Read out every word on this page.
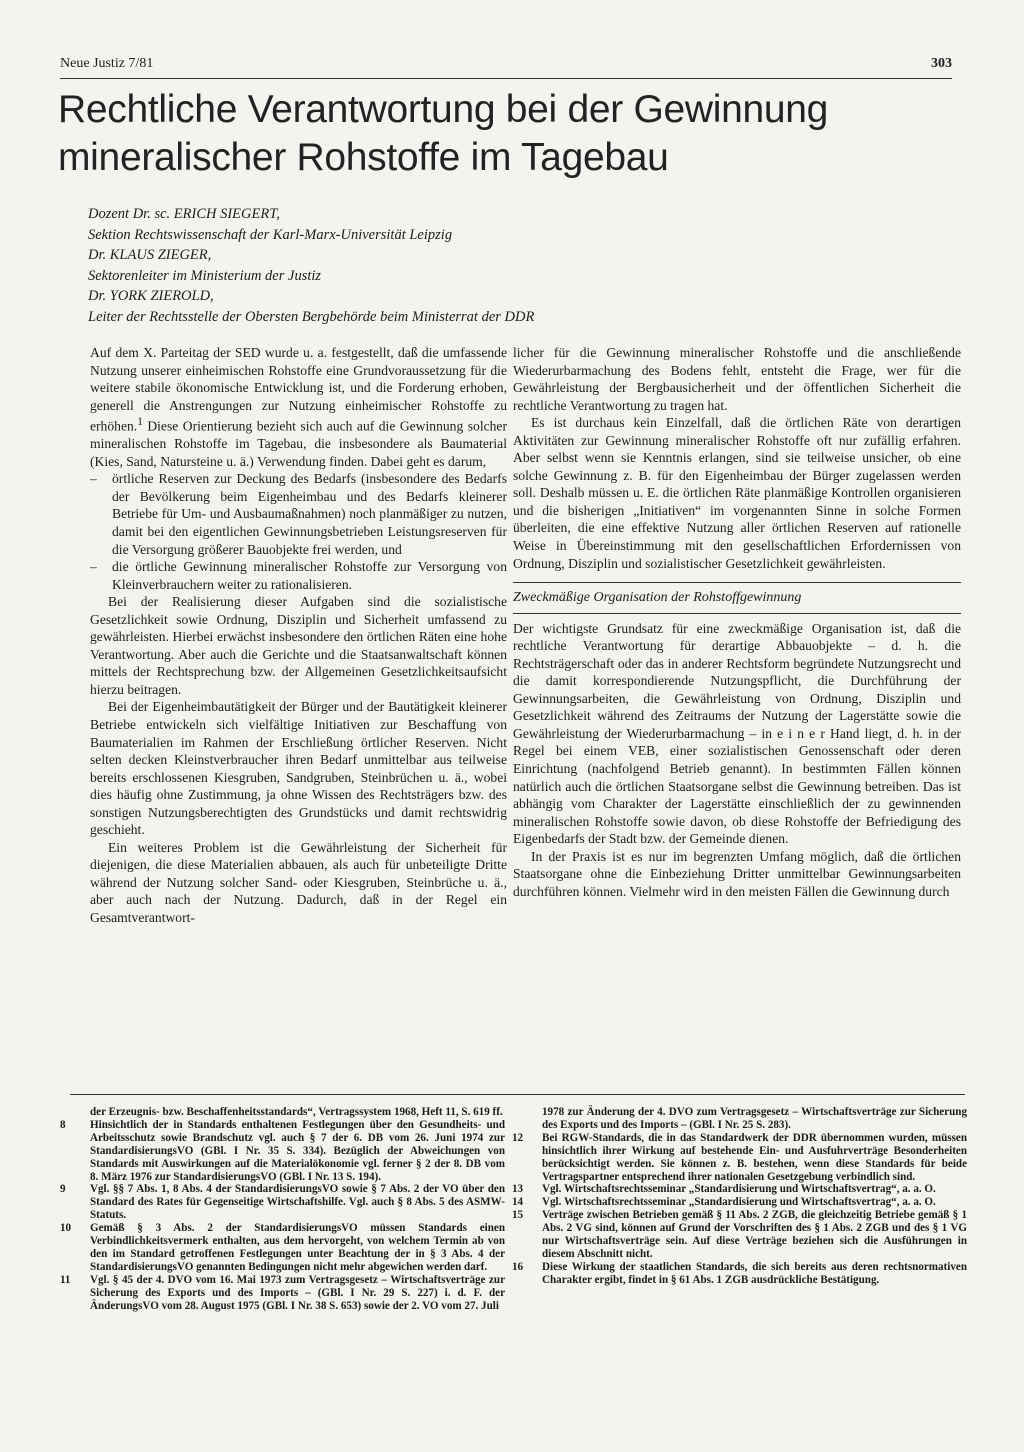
Neue Justiz 7/81	303
Rechtliche Verantwortung bei der Gewinnung
mineralischer Rohstoffe im Tagebau
Dozent Dr. sc. ERICH SIEGERT,
Sektion Rechtswissenschaft der Karl-Marx-Universität Leipzig
Dr. KLAUS ZIEGER,
Sektorenleiter im Ministerium der Justiz
Dr. YORK ZIEROLD,
Leiter der Rechtsstelle der Obersten Bergbehörde beim Ministerrat der DDR

Auf dem X. Parteitag der SED wurde u. a. festgestellt, daß die umfassende Nutzung unserer einheimischen Rohstoffe eine Grundvoraussetzung für die weitere stabile ökonomische Entwicklung ist, und die Forderung erhoben, generell die Anstrengungen zur Nutzung einheimischer Rohstoffe zu erhöhen.$^1$ Diese Orientierung bezieht sich auch auf die Gewinnung solcher mineralischen Rohstoffe im Tagebau, die insbesondere als Baumaterial (Kies, Sand, Natursteine u. ä.) Verwendung finden. Dabei geht es darum,

– örtliche Reserven zur Deckung des Bedarfs (insbesondere des Bedarfs der Bevölkerung beim Eigenheimbau und des Bedarfs kleinerer Betriebe für Um- und Ausbaumaßnahmen) noch planmäßiger zu nutzen, damit bei den eigentlichen Gewinnungsbetrieben Leistungsreserven für die Versorgung größerer Bauobjekte frei werden, und

– die örtliche Gewinnung mineralischer Rohstoffe zur Versorgung von Kleinverbrauchern weiter zu rationalisieren.

Bei der Realisierung dieser Aufgaben sind die sozialistische Gesetzlichkeit sowie Ordnung, Disziplin und Sicherheit umfassend zu gewährleisten. Hierbei erwächst insbesondere den örtlichen Räten eine hohe Verantwortung. Aber auch die Gerichte und die Staatsanwaltschaft können mittels der Rechtsprechung bzw. der Allgemeinen Gesetzlichkeitsaufsicht hierzu beitragen.

Bei der Eigenheimbautätigkeit der Bürger und der Bautätigkeit kleinerer Betriebe entwickeln sich vielfältige Initiativen zur Beschaffung von Baumaterialien im Rahmen der Erschließung örtlicher Reserven. Nicht selten decken Kleinstverbraucher ihren Bedarf unmittelbar aus teilweise bereits erschlossenen Kiesgruben, Sandgruben, Steinbrüchen u. ä., wobei dies häufig ohne Zustimmung, ja ohne Wissen des Rechtsträgers bzw. des sonstigen Nutzungsberechtigten des Grundstücks und damit rechtswidrig geschieht.

Ein weiteres Problem ist die Gewährleistung der Sicherheit für diejenigen, die diese Materialien abbauen, als auch für unbeteiligte Dritte während der Nutzung solcher Sand- oder Kiesgruben, Steinbrüche u. ä., aber auch nach der Nutzung. Dadurch, daß in der Regel ein Gesamtverantwort-

licher für die Gewinnung mineralischer Rohstoffe und die anschließende Wiederurbarmachung des Bodens fehlt, entsteht die Frage, wer für die Gewährleistung der Bergbausicherheit und der öffentlichen Sicherheit die rechtliche Verantwortung zu tragen hat.

Es ist durchaus kein Einzelfall, daß die örtlichen Räte von derartigen Aktivitäten zur Gewinnung mineralischer Rohstoffe oft nur zufällig erfahren. Aber selbst wenn sie Kenntnis erlangen, sind sie teilweise unsicher, ob eine solche Gewinnung z. B. für den Eigenheimbau der Bürger zugelassen werden soll. Deshalb müssen u. E. die örtlichen Räte planmäßige Kontrollen organisieren und die bisherigen „Initiativen“ im vorgenannten Sinne in solche Formen überleiten, die eine effektive Nutzung aller örtlichen Reserven auf rationelle Weise in Übereinstimmung mit den gesellschaftlichen Erfordernissen von Ordnung, Disziplin und sozialistischer Gesetzlichkeit gewährleisten.

Zweckmäßige Organisation der Rohstoffgewinnung

Der wichtigste Grundsatz für eine zweckmäßige Organisation ist, daß die rechtliche Verantwortung für derartige Abbauobjekte – d. h. die Rechtsträgerschaft oder das in anderer Rechtsform begründete Nutzungsrecht und die damit korrespondierende Nutzungspflicht, die Durchführung der Gewinnungsarbeiten, die Gewährleistung von Ordnung, Disziplin und Gesetzlichkeit während des Zeitraums der Nutzung der Lagerstätte sowie die Gewährleistung der Wiederurbarmachung – in e i n e r Hand liegt, d. h. in der Regel bei einem VEB, einer sozialistischen Genossenschaft oder deren Einrichtung (nachfolgend Betrieb genannt). In bestimmten Fällen können natürlich auch die örtlichen Staatsorgane selbst die Gewinnung betreiben. Das ist abhängig vom Charakter der Lagerstätte einschließlich der zu gewinnenden mineralischen Rohstoffe sowie davon, ob diese Rohstoffe der Befriedigung des Eigenbedarfs der Stadt bzw. der Gemeinde dienen.

In der Praxis ist es nur im begrenzten Umfang möglich, daß die örtlichen Staatsorgane ohne die Einbeziehung Dritter unmittelbar Gewinnungsarbeiten durchführen können. Vielmehr wird in den meisten Fällen die Gewinnung durch

der Erzeugnis- bzw. Beschaffenheitsstandards“, Vertragssystem 1968, Heft 11, S. 619 ff.

8 Hinsichtlich der in Standards enthaltenen Festlegungen über den Gesundheits- und Arbeitsschutz sowie Brandschutz vgl. auch § 7 der 6. DB vom 26. Juni 1974 zur StandardisierungsVO (GBl. I Nr. 35 S. 334). Bezüglich der Abweichungen von Standards mit Auswirkungen auf die Materialökonomie vgl. ferner § 2 der 8. DB vom 8. März 1976 zur StandardisierungsVO (GBl. I Nr. 13 S. 194).

9 Vgl. §§ 7 Abs. 1, 8 Abs. 4 der StandardisierungsVO sowie § 7 Abs. 2 der VO über den Standard des Rates für Gegenseitige Wirtschaftshilfe. Vgl. auch § 8 Abs. 5 des ASMW-Statuts.

10 Gemäß § 3 Abs. 2 der StandardisierungsVO müssen Standards einen Verbindlichkeitsvermerk enthalten, aus dem hervorgeht, von welchem Termin ab von den im Standard getroffenen Festlegungen unter Beachtung der in § 3 Abs. 4 der StandardisierungsVO genannten Bedingungen nicht mehr abgewichen werden darf.

11 Vgl. § 45 der 4. DVO vom 16. Mai 1973 zum Vertragsgesetz – Wirtschaftsverträge zur Sicherung des Exports und des Imports – (GBl. I Nr. 29 S. 227) i. d. F. der ÄnderungsVO vom 28. August 1975 (GBl. I Nr. 38 S. 653) sowie der 2. VO vom 27. Juli

1978 zur Änderung der 4. DVO zum Vertragsgesetz – Wirtschaftsverträge zur Sicherung des Exports und des Imports – (GBl. I Nr. 25 S. 283).

12 Bei RGW-Standards, die in das Standardwerk der DDR übernommen wurden, müssen hinsichtlich ihrer Wirkung auf bestehende Ein- und Ausfuhrverträge Besonderheiten berücksichtigt werden. Sie können z. B. bestehen, wenn diese Standards für beide Vertragspartner entsprechend ihrer nationalen Gesetzgebung verbindlich sind.

13 Vgl. Wirtschaftsrechtsseminar „Standardisierung und Wirtschaftsvertrag“, a. a. O.

14 Vgl. Wirtschaftsrechtsseminar „Standardisierung und Wirtschaftsvertrag“, a. a. O.

15 Verträge zwischen Betrieben gemäß § 11 Abs. 2 ZGB, die gleichzeitig Betriebe gemäß § 1 Abs. 2 VG sind, können auf Grund der Vorschriften des § 1 Abs. 2 ZGB und des § 1 VG nur Wirtschaftsverträge sein. Auf diese Verträge beziehen sich die Ausführungen in diesem Abschnitt nicht.

16 Diese Wirkung der staatlichen Standards, die sich bereits aus deren rechtsnormativen Charakter ergibt, findet in § 61 Abs. 1 ZGB ausdrückliche Bestätigung.
